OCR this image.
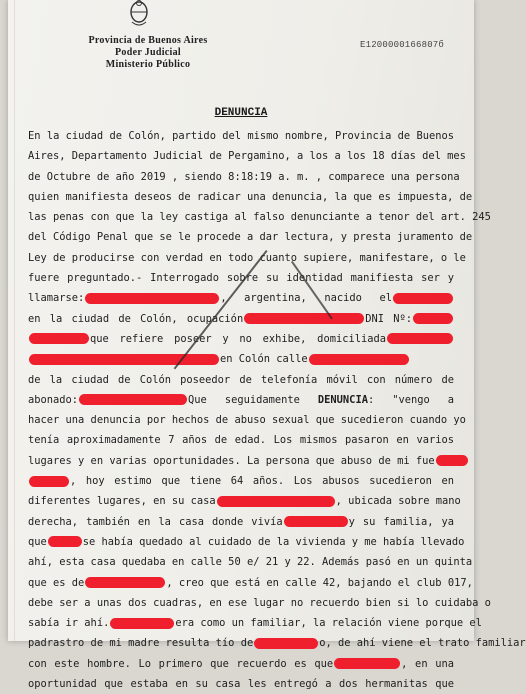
Provincia de Buenos Aires
Poder Judicial
Ministerio Público
E1200000166807б
DENUNCIA
En la ciudad de Colón, partido del mismo nombre, Provincia de Buenos
Aires, Departamento Judicial de Pergamino, a los a los 18 días del mes
de Octubre de año 2019 , siendo 8:18:19 a. m. , comparece una persona
quien manifiesta deseos de radicar una denuncia, la que es impuesta, de
las penas con que la ley castiga al falso denunciante a tenor del art. 245
del Código Penal que se le procede a dar lectura, y presta juramento de
Ley de producirse con verdad en todo cuanto supiere, manifestare, o le
fuere preguntado.- Interrogado sobre su identidad manifiesta ser y
llamarse:	, argentina, nacido el
en la ciudad de Colón, ocupación	DNI Nº:
que refiere poseer y no exhibe, domiciliada
en Colón calle
de la ciudad de Colón poseedor de telefonía móvil con número de
abonado:	Que seguidamente DENUNCIA: "vengo a
hacer una denuncia por hechos de abuso sexual que sucedieron cuando yo
tenía aproximadamente 7 años de edad. Los mismos pasaron en varios
lugares y en varias oportunidades. La persona que abuso de mi fue
, hoy estimo que tiene 64 años. Los abusos sucedieron en
diferentes lugares, en su casa	, ubicada sobre mano
derecha, también en la casa donde vivía	y su familia, ya
que	se había quedado al cuidado de la vivienda y me había llevado
ahí, esta casa quedaba en calle 50 e/ 21 y 22. Además pasó en un quinta
que es de	, creo que está en calle 42, bajando el club 017,
debe ser a unas dos cuadras, en ese lugar no recuerdo bien si lo cuidaba o
sabía ir ahí.	era como un familiar, la relación viene porque el
padrastro de mi madre resulta tío de	o, de ahí viene el trato familiar
con este hombre. Lo primero que recuerdo es que	, en una
oportunidad que estaba en su casa les entregó a dos hermanitas que
